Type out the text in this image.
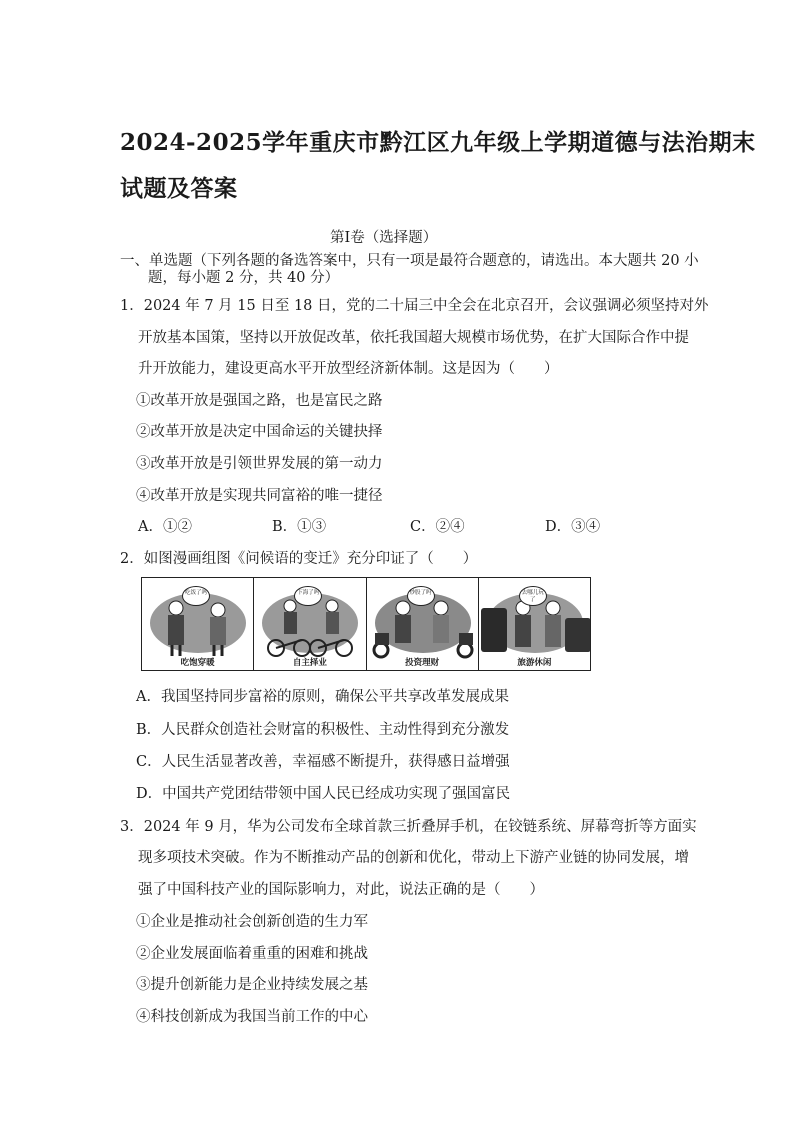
2024-2025学年重庆市黔江区九年级上学期道德与法治期末
试题及答案
第Ⅰ卷（选择题）
一、单选题（下列各题的备选答案中，只有一项是最符合题意的，请选出。本大题共 20 小
题，每小题 2 分，共 40 分）
1．2024 年 7 月 15 日至 18 日，党的二十届三中全会在北京召开，会议强调必须坚持对外
开放基本国策，坚持以开放促改革，依托我国超大规模市场优势，在扩大国际合作中提
升开放能力，建设更高水平开放型经济新体制。这是因为（　　）
①改革开放是强国之路，也是富民之路
②改革开放是决定中国命运的关键抉择
③改革开放是引领世界发展的第一动力
④改革开放是实现共同富裕的唯一捷径
A．①②	B．①③	C．②④	D．③④
2．如图漫画组图《问候语的变迁》充分印证了（　　）
吃饭了吗
吃饱穿暖
下海了吗
自主择业
炒股了吗
投资理财
去哪儿玩了
旅游休闲
A．我国坚持同步富裕的原则，确保公平共享改革发展成果
B．人民群众创造社会财富的积极性、主动性得到充分激发
C．人民生活显著改善，幸福感不断提升，获得感日益增强
D．中国共产党团结带领中国人民已经成功实现了强国富民
3．2024 年 9 月，华为公司发布全球首款三折叠屏手机，在铰链系统、屏幕弯折等方面实
现多项技术突破。作为不断推动产品的创新和优化，带动上下游产业链的协同发展，增
强了中国科技产业的国际影响力，对此，说法正确的是（　　）
①企业是推动社会创新创造的生力军
②企业发展面临着重重的困难和挑战
③提升创新能力是企业持续发展之基
④科技创新成为我国当前工作的中心
